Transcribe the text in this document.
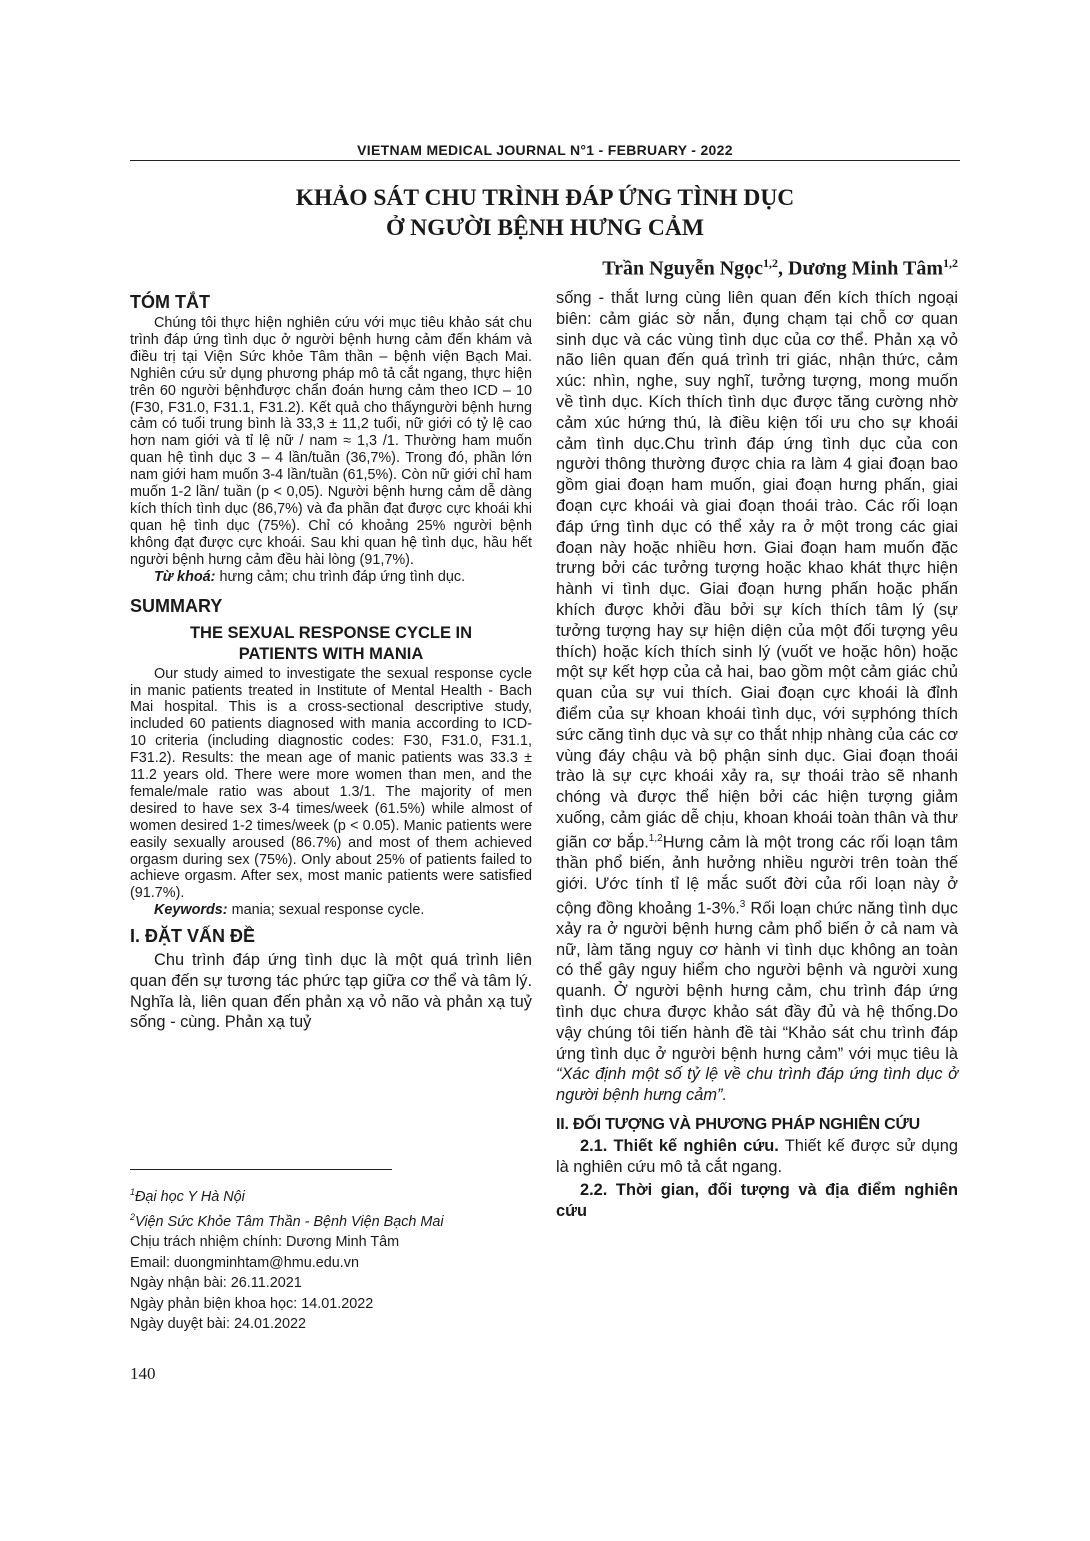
VIETNAM MEDICAL JOURNAL N°1 - FEBRUARY - 2022
KHẢO SÁT CHU TRÌNH ĐÁP ỨNG TÌNH DỤC
Ở NGƯỜI BỆNH HƯNG CẢM
Trần Nguyễn Ngọc$^{1,2}$, Dương Minh Tâm$^{1,2}$
TÓM TẮT

Chúng tôi thực hiện nghiên cứu với mục tiêu khảo sát chu trình đáp ứng tình dục ở người bệnh hưng cảm đến khám và điều trị tại Viện Sức khỏe Tâm thần – bệnh viện Bạch Mai. Nghiên cứu sử dụng phương pháp mô tả cắt ngang, thực hiện trên 60 người bệnhđược chẩn đoán hưng cảm theo ICD – 10 (F30, F31.0, F31.1, F31.2). Kết quả cho thấyngười bệnh hưng cảm có tuổi trung bình là 33,3 ± 11,2 tuổi, nữ giới có tỷ lệ cao hơn nam giới và tỉ lệ nữ / nam ≈ 1,3 /1. Thường ham muốn quan hệ tình dục 3 – 4 lần/tuần (36,7%). Trong đó, phần lớn nam giới ham muốn 3-4 lần/tuần (61,5%). Còn nữ giới chỉ ham muốn 1-2 lần/ tuần (p < 0,05). Người bệnh hưng cảm dễ dàng kích thích tình dục (86,7%) và đa phần đạt được cực khoái khi quan hệ tình dục (75%). Chỉ có khoảng 25% người bệnh không đạt được cực khoái. Sau khi quan hệ tình dục, hầu hết người bệnh hưng cảm đều hài lòng (91,7%).

Từ khoá: hưng cảm; chu trình đáp ứng tình dục.

SUMMARY
THE SEXUAL RESPONSE CYCLE IN
PATIENTS WITH MANIA

Our study aimed to investigate the sexual response cycle in manic patients treated in Institute of Mental Health - Bach Mai hospital. This is a cross-sectional descriptive study, included 60 patients diagnosed with mania according to ICD-10 criteria (including diagnostic codes: F30, F31.0, F31.1, F31.2). Results: the mean age of manic patients was 33.3 ± 11.2 years old. There were more women than men, and the female/male ratio was about 1.3/1. The majority of men desired to have sex 3-4 times/week (61.5%) while almost of women desired 1-2 times/week (p < 0.05). Manic patients were easily sexually aroused (86.7%) and most of them achieved orgasm during sex (75%). Only about 25% of patients failed to achieve orgasm. After sex, most manic patients were satisfied (91.7%).

Keywords: mania; sexual response cycle.

I. ĐẶT VẤN ĐỀ

Chu trình đáp ứng tình dục là một quá trình liên quan đến sự tương tác phức tạp giữa cơ thể và tâm lý. Nghĩa là, liên quan đến phản xạ vỏ não và phản xạ tuỷ sống - cùng. Phản xạ tuỷ

$^1$Đại học Y Hà Nội
$^2$Viện Sức Khỏe Tâm Thần - Bệnh Viện Bạch Mai
Chịu trách nhiệm chính: Dương Minh Tâm
Email: duongminhtam@hmu.edu.vn
Ngày nhận bài: 26.11.2021
Ngày phản biện khoa học: 14.01.2022
Ngày duyệt bài: 24.01.2022

sống - thắt lưng cùng liên quan đến kích thích ngoại biên: cảm giác sờ nắn, đụng chạm tại chỗ cơ quan sinh dục và các vùng tình dục của cơ thể. Phản xạ vỏ não liên quan đến quá trình tri giác, nhận thức, cảm xúc: nhìn, nghe, suy nghĩ, tưởng tượng, mong muốn về tình dục. Kích thích tình dục được tăng cường nhờ cảm xúc hứng thú, là điều kiện tối ưu cho sự khoái cảm tình dục.Chu trình đáp ứng tình dục của con người thông thường được chia ra làm 4 giai đoạn bao gồm giai đoạn ham muốn, giai đoạn hưng phấn, giai đoạn cực khoái và giai đoạn thoái trào. Các rối loạn đáp ứng tình dục có thể xảy ra ở một trong các giai đoạn này hoặc nhiều hơn. Giai đoạn ham muốn đặc trưng bởi các tưởng tượng hoặc khao khát thực hiện hành vi tình dục. Giai đoạn hưng phấn hoặc phấn khích được khởi đầu bởi sự kích thích tâm lý (sự tưởng tượng hay sự hiện diện của một đối tượng yêu thích) hoặc kích thích sinh lý (vuốt ve hoặc hôn) hoặc một sự kết hợp của cả hai, bao gồm một cảm giác chủ quan của sự vui thích. Giai đoạn cực khoái là đỉnh điểm của sự khoan khoái tình dục, với sựphóng thích sức căng tình dục và sự co thắt nhịp nhàng của các cơ vùng đáy chậu và bộ phận sinh dục. Giai đoạn thoái trào là sự cực khoái xảy ra, sự thoái trào sẽ nhanh chóng và được thể hiện bởi các hiện tượng giảm xuống, cảm giác dễ chịu, khoan khoái toàn thân và thư giãn cơ bắp.$^{1,2}$Hưng cảm là một trong các rối loạn tâm thần phổ biến, ảnh hưởng nhiều người trên toàn thế giới. Ước tính tỉ lệ mắc suốt đời của rối loạn này ở cộng đồng khoảng 1-3%.$^3$ Rối loạn chức năng tình dục xảy ra ở người bệnh hưng cảm phổ biến ở cả nam và nữ, làm tăng nguy cơ hành vi tình dục không an toàn có thể gây nguy hiểm cho người bệnh và người xung quanh. Ở người bệnh hưng cảm, chu trình đáp ứng tình dục chưa được khảo sát đầy đủ và hệ thống.Do vậy chúng tôi tiến hành đề tài “Khảo sát chu trình đáp ứng tình dục ở người bệnh hưng cảm” với mục tiêu là “Xác định một số tỷ lệ về chu trình đáp ứng tình dục ở người bệnh hưng cảm”.

II. ĐỐI TƯỢNG VÀ PHƯƠNG PHÁP NGHIÊN CỨU

2.1. Thiết kế nghiên cứu. Thiết kế được sử dụng là nghiên cứu mô tả cắt ngang.

2.2. Thời gian, đối tượng và địa điểm nghiên cứu

140
